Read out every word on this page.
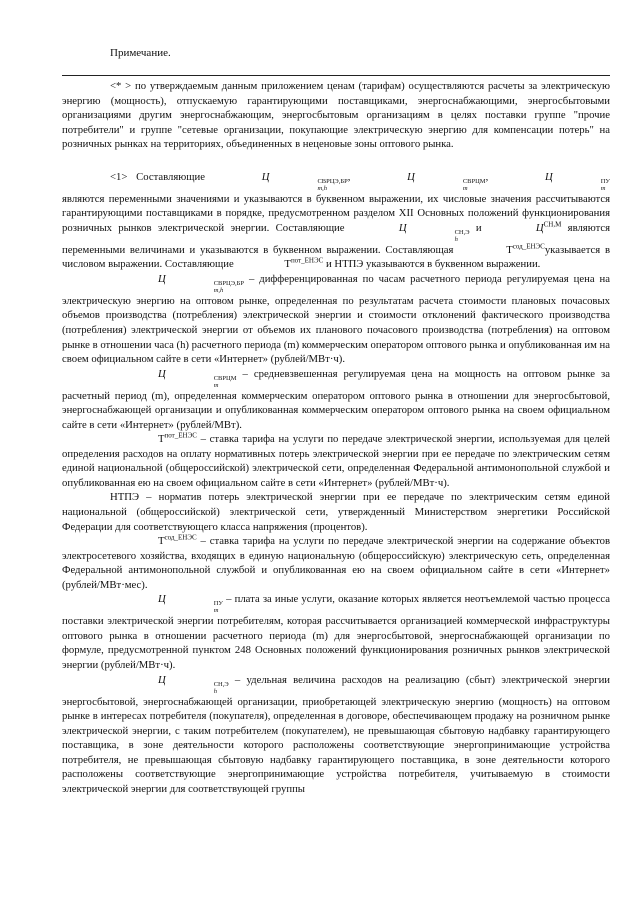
Примечание.

<* > по утверждаемым данным приложением ценам (тарифам) осуществляются расчеты за электрическую энергию (мощность), отпускаемую гарантирующими поставщиками, энергоснабжающими, энергосбытовыми организациями другим энергоснабжающим, энергосбытовым организациям в целях поставки группе "прочие потребители" и группе "сетевые организации, покупающие электрическую энергию для компенсации потерь" на розничных рынках на территориях, объединенных в неценовые зоны оптового рынка.

<1> Составляющие	Ц	СВРЦЭ,БР
m,h
,	Ц	СВРЦМ
m
,	Ц	ПУ
m
являются переменными значениями и указываются в буквенном выражении, их числовые значения рассчитываются гарантирующими поставщиками в порядке, предусмотренном разделом XII Основных положений функционирования розничных рынков электрической энергии. Составляющие	Ц	СН,Э
h
и	$Ц^{СН,М}$ являются переменными величинами и указываются в буквенном выражении. Составляющая	$Т^{сод\_ЕНЭС}указывается$ в числовом выражении. Составляющие	$Т^{пот\_ЕНЭС}$ и НТПЭ указываются в буквенном выражении.

Ц	СВРЦЭ,БР
m,h
– дифференцированная по часам расчетного периода регулируемая цена на электрическую энергию на оптовом рынке, определенная по результатам расчета стоимости плановых почасовых объемов производства (потребления) электрической энергии и стоимости отклонений фактического производства (потребления) электрической энергии от объемов их планового почасового производства (потребления) на оптовом рынке в отношении часа (h) расчетного периода (m) коммерческим оператором оптового рынка и опубликованная им на своем официальном сайте в сети «Интернет» (рублей/МВт·ч).

Ц	СВРЦМ
m
– средневзвешенная регулируемая цена на мощность на оптовом рынке за расчетный период (m), определенная коммерческим оператором оптового рынка в отношении для энергосбытовой, энергоснабжающей организации и опубликованная коммерческим оператором оптового рынка на своем официальном сайте в сети «Интернет» (рублей/МВт).

$Т^{пот\_ЕНЭС}$ – ставка тарифа на услуги по передаче электрической энергии, используемая для целей определения расходов на оплату нормативных потерь электрической энергии при ее передаче по электрическим сетям единой национальной (общероссийской) электрической сети, определенная Федеральной антимонопольной службой и опубликованная ею на своем официальном сайте в сети «Интернет» (рублей/МВт·ч).

НТПЭ – норматив потерь электрической энергии при ее передаче по электрическим сетям единой национальной (общероссийской) электрической сети, утвержденный Министерством энергетики Российской Федерации для соответствующего класса напряжения (процентов).

$Т^{сод\_ЕНЭС}$ – ставка тарифа на услуги по передаче электрической энергии на содержание объектов электросетевого хозяйства, входящих в единую национальную (общероссийскую) электрическую сеть, определенная Федеральной антимонопольной службой и опубликованная ею на своем официальном сайте в сети «Интернет» (рублей/МВт·мес).

Ц	ПУ
m
– плата за иные услуги, оказание которых является неотъемлемой частью процесса поставки электрической энергии потребителям, которая рассчитывается организацией коммерческой инфраструктуры оптового рынка в отношении расчетного периода (m) для энергосбытовой, энергоснабжающей организации по формуле, предусмотренной пунктом 248 Основных положений функционирования розничных рынков электрической энергии (рублей/МВт·ч).

Ц	СН,Э
h
– удельная величина расходов на реализацию (сбыт) электрической энергии энергосбытовой, энергоснабжающей организации, приобретающей электрическую энергию (мощность) на оптовом рынке в интересах потребителя (покупателя), определенная в договоре, обеспечивающем продажу на розничном рынке электрической энергии, с таким потребителем (покупателем), не превышающая сбытовую надбавку гарантирующего поставщика, в зоне деятельности которого расположены соответствующие энергопринимающие устройства потребителя, не превышающая сбытовую надбавку гарантирующего поставщика, в зоне деятельности которого расположены соответствующие энергопринимающие устройства потребителя, учитываемую в стоимости электрической энергии для соответствующей группы
